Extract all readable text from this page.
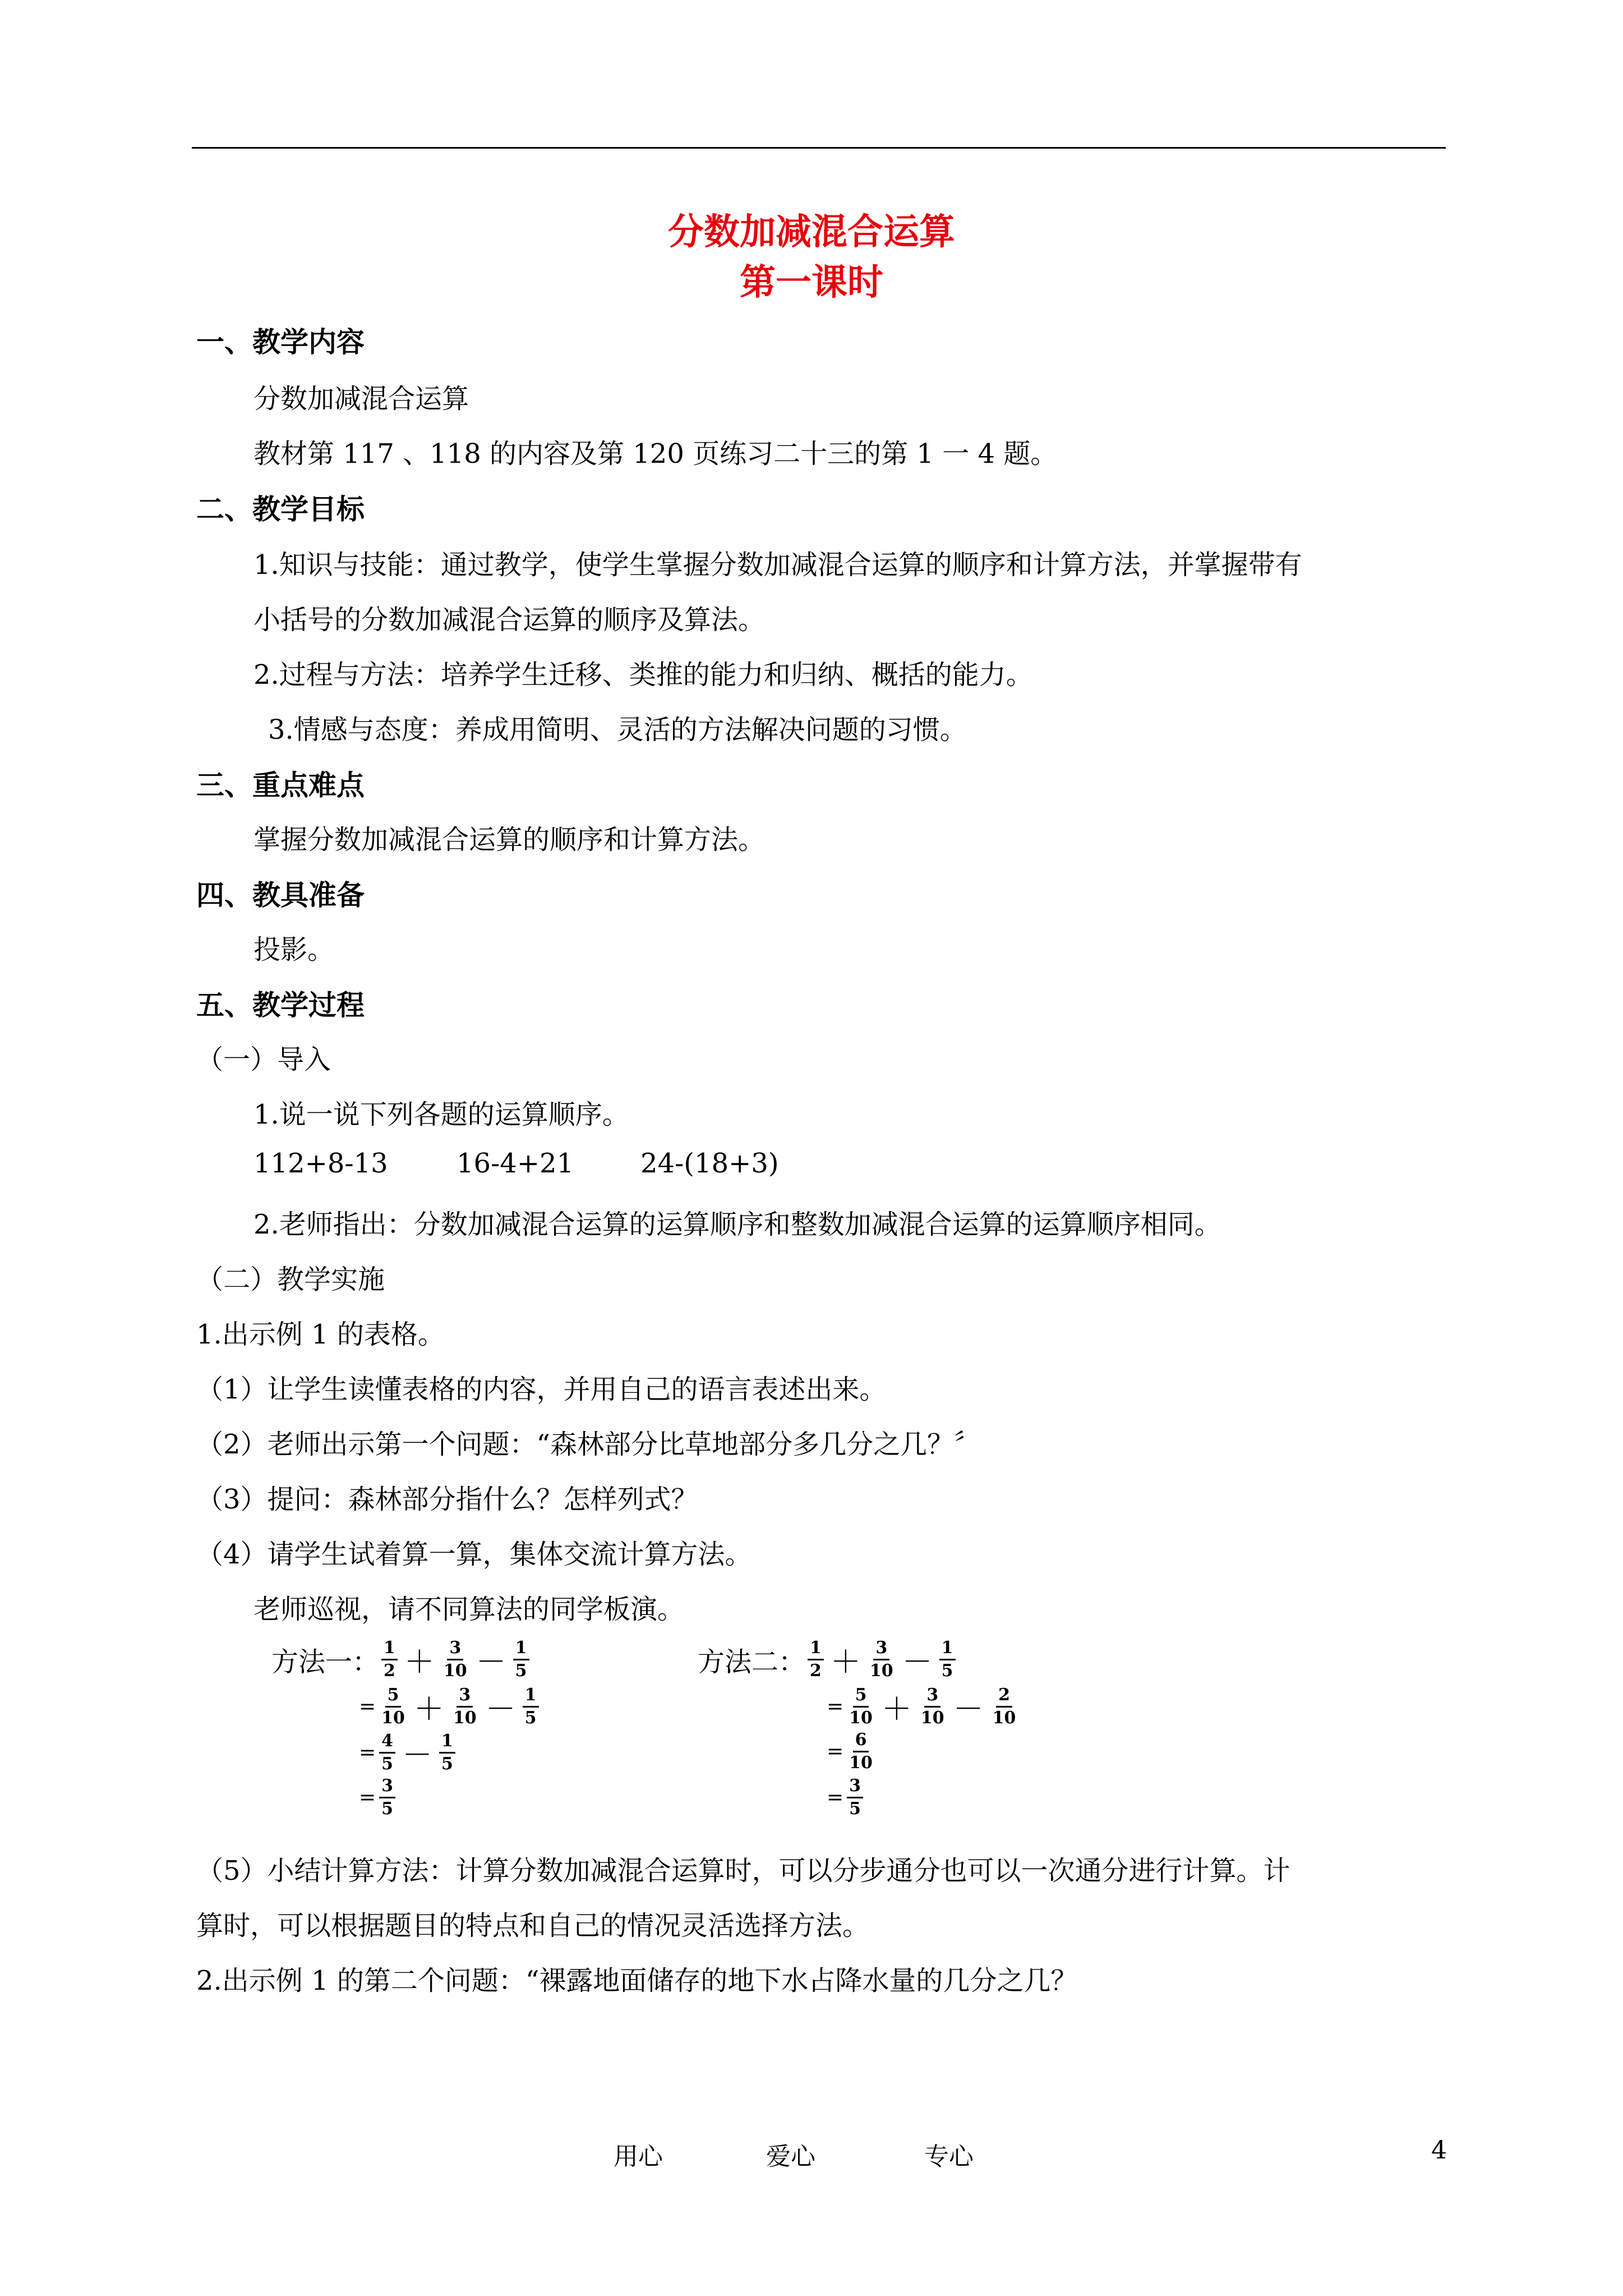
分数加减混合运算
第一课时
一、教学内容
分数加减混合运算
教材第 117 、118 的内容及第 120 页练习二十三的第 1 一 4 题。
二、教学目标
1.知识与技能：通过教学，使学生掌握分数加减混合运算的顺序和计算方法，并掌握带有
小括号的分数加减混合运算的顺序及算法。
2.过程与方法：培养学生迁移、类推的能力和归纳、概括的能力。
3.情感与态度：养成用简明、灵活的方法解决问题的习惯。
三、重点难点
掌握分数加减混合运算的顺序和计算方法。
四、教具准备
投影。
五、教学过程
（一）导入
1.说一说下列各题的运算顺序。
112+8-13	16-4+21 24-(18+3)
2.老师指出：分数加减混合运算的运算顺序和整数加减混合运算的运算顺序相同。
（二）教学实施
1.出示例 1 的表格。
（1）让学生读懂表格的内容，并用自己的语言表述出来。
（2）老师出示第一个问题：“森林部分比草地部分多几分之几？〞
（3）提问：森林部分指什么？怎样列式？
（4）请学生试着算一算，集体交流计算方法。
老师巡视，请不同算法的同学板演。
方法一： $\frac{1}{2} + \frac{3}{10} - \frac{1}{5}$
= $\frac{5}{10} + \frac{3}{10} - \frac{1}{5}$
= $\frac{4}{5} - \frac{1}{5}$
= $\frac{3}{5}$
方法二： $\frac{1}{2} + \frac{3}{10} - \frac{1}{5}$
= $\frac{5}{10} + \frac{3}{10} - \frac{2}{10}$
= $\frac{6}{10}$
= $\frac{3}{5}$
（5）小结计算方法：计算分数加减混合运算时，可以分步通分也可以一次通分进行计算。计
算时，可以根据题目的特点和自己的情况灵活选择方法。
2.出示例 1 的第二个问题：“裸露地面储存的地下水占降水量的几分之几？
用心	爱心	专心	4
